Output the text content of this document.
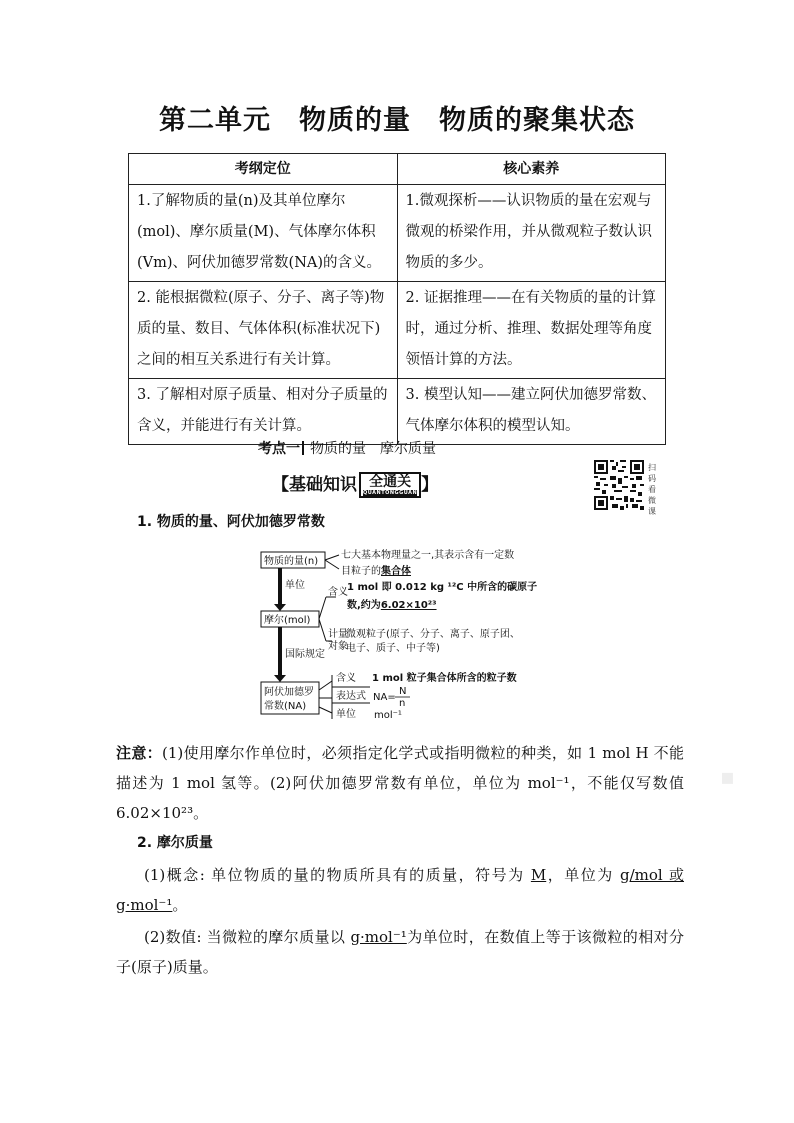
第二单元　物质的量　物质的聚集状态
考纲定位	核心素养
1.了解物质的量(n)及其单位摩尔(mol)、摩尔质量(M)、气体摩尔体积(Vm)、阿伏加德罗常数(NA)的含义。	1.微观探析——认识物质的量在宏观与微观的桥梁作用，并从微观粒子数认识物质的多少。
2. 能根据微粒(原子、分子、离子等)物质的量、数目、气体体积(标准状况下)之间的相互关系进行有关计算。	2. 证据推理——在有关物质的量的计算时，通过分析、推理、数据处理等角度领悟计算的方法。
3. 了解相对原子质量、相对分子质量的含义，并能进行有关计算。	3. 模型认知——建立阿伏加德罗常数、气体摩尔体积的模型认知。
考点一 物质的量　摩尔质量
【基础知识 全通关
QUANTONGGUAN 】
扫码看微课
1. 物质的量、阿伏加德罗常数
物质的量(n)
七大基本物理量之一,其表示含有一定数
目粒子的集合体
单位
摩尔(mol)
含义 1 mol 即 0.012 kg ¹²C 中所含的碳原子
数,约为6.02×10²³
计量
对象
微观粒子(原子、分子、离子、原子团、
电子、质子、中子等)
国际规定
阿伏加德罗
常数(NA)
含义 1 mol 粒子集合体所含的粒子数
表达式 NA=
N
n
单位 mol⁻¹
注意：(1)使用摩尔作单位时，必须指定化学式或指明微粒的种类，如 1 mol H 不能描述为 1 mol 氢等。(2)阿伏加德罗常数有单位，单位为 mol⁻¹，不能仅写数值 6.02×10²³。
▪
2. 摩尔质量
(1)概念: 单位物质的量的物质所具有的质量，符号为 M，单位为 g/mol 或 g·mol⁻¹。
(2)数值: 当微粒的摩尔质量以 g·mol⁻¹为单位时，在数值上等于该微粒的相对分子(原子)质量。
